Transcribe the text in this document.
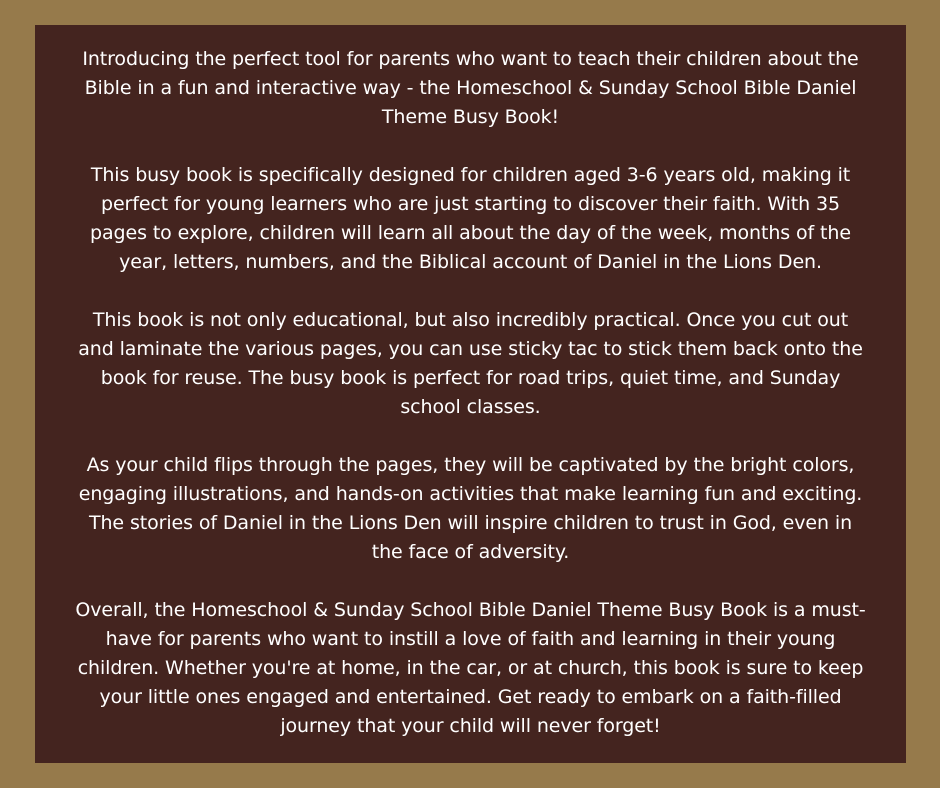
Introducing the perfect tool for parents who want to teach their children about the Bible in a fun and interactive way - the Homeschool & Sunday School Bible Daniel Theme Busy Book!

This busy book is specifically designed for children aged 3-6 years old, making it perfect for young learners who are just starting to discover their faith. With 35 pages to explore, children will learn all about the day of the week, months of the year, letters, numbers, and the Biblical account of Daniel in the Lions Den.

This book is not only educational, but also incredibly practical. Once you cut out and laminate the various pages, you can use sticky tac to stick them back onto the book for reuse. The busy book is perfect for road trips, quiet time, and Sunday school classes.

As your child flips through the pages, they will be captivated by the bright colors, engaging illustrations, and hands-on activities that make learning fun and exciting. The stories of Daniel in the Lions Den will inspire children to trust in God, even in the face of adversity.

Overall, the Homeschool & Sunday School Bible Daniel Theme Busy Book is a must-have for parents who want to instill a love of faith and learning in their young children. Whether you're at home, in the car, or at church, this book is sure to keep your little ones engaged and entertained. Get ready to embark on a faith-filled journey that your child will never forget!
